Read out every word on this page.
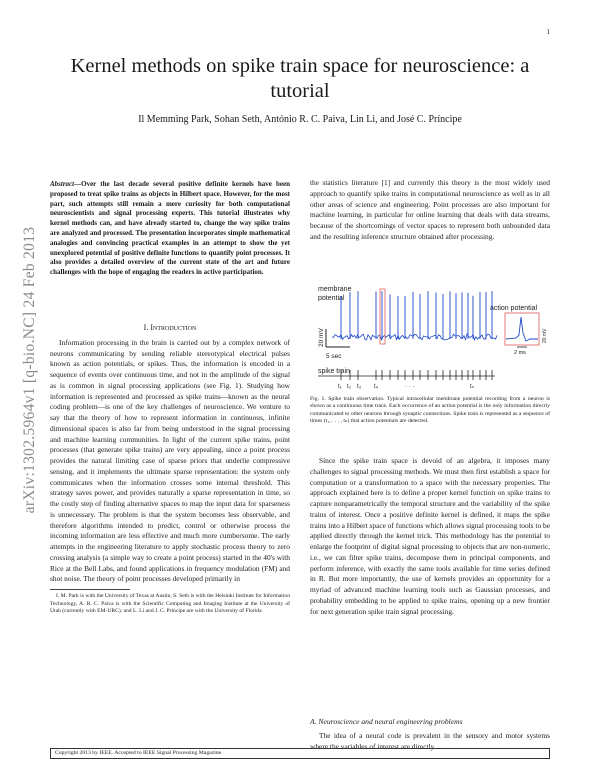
1
arXiv:1302.5964v1 [q-bio.NC] 24 Feb 2013
Kernel methods on spike train space for neuroscience: a tutorial
Il Memming Park, Sohan Seth, António R. C. Paiva, Lin Li, and José C. Príncipe
Abstract—Over the last decade several positive definite kernels have been proposed to treat spike trains as objects in Hilbert space. However, for the most part, such attempts still remain a mere curiosity for both computational neuroscientists and signal processing experts. This tutorial illustrates why kernel methods can, and have already started to, change the way spike trains are analyzed and processed. The presentation incorporates simple mathematical analogies and convincing practical examples in an attempt to show the yet unexplored potential of positive definite functions to quantify point processes. It also provides a detailed overview of the current state of the art and future challenges with the hope of engaging the readers in active participation.

I. Introduction

Information processing in the brain is carried out by a complex network of neurons communicating by sending reliable stereotypical electrical pulses known as action potentials, or spikes. Thus, the information is encoded in a sequence of events over continuous time, and not in the amplitude of the signal as is common in signal processing applications (see Fig. 1). Studying how information is represented and processed as spike trains—known as the neural coding problem—is one of the key challenges of neuroscience. We venture to say that the theory of how to represent information in continuous, infinite dimensional spaces is also far from being understood in the signal processing and machine learning communities. In light of the current spike trains, point processes (that generate spike trains) are very appealing, since a point process provides the natural limiting case of sparse priors that underlie compressive sensing, and it implements the ultimate sparse representation: the system only communicates when the information crosses some internal threshold. This strategy saves power, and provides naturally a sparse representation in time, so the costly step of finding alternative spaces to map the input data for sparseness is unnecessary. The problem is that the system becomes less observable, and therefore algorithms intended to predict, control or otherwise process the incoming information are less effective and much more cumbersome. The early attempts in the engineering literature to apply stochastic process theory to zero crossing analysis (a simple way to create a point process) started in the 40's with Rice at the Bell Labs, and found applications in frequency modulation (FM) and shot noise. The theory of point processes developed primarily in

I. M. Park is with the University of Texas at Austin, S. Seth is with the Helsinki Institute for Information Technology, A. R. C. Paiva is with the Scientific Computing and Imaging Institute at the University of Utah (currently with EM-URC), and L. Li and J. C. Príncipe are with the University of Florida

the statistics literature [1] and currently this theory is the most widely used approach to quantify spike trains in computational neuroscience as well as in all other areas of science and engineering. Point processes are also important for machine learning, in particular for online learning that deals with data streams, because of the shortcomings of vector spaces to represent both unbounded data and the resulting inference structure obtained after processing.

membrane
potential
action potential
20 mV
5 sec	2 ms
20 mV
spike train
t₁ t₂ t₃ t₄	· · ·	tₙ
Fig. 1. Spike train observation. Typical intracellular membrane potential recording from a neuron is shown as a continuous time trace. Each occurrence of an action potential is the only information directly communicated to other neurons through synaptic connections. Spike train is represented as a sequence of times (t₁, . . . , tₙ) that action potentials are detected.

Since the spike train space is devoid of an algebra, it imposes many challenges to signal processing methods. We must then first establish a space for computation or a transformation to a space with the necessary properties. The approach explained here is to define a proper kernel function on spike trains to capture nonparametrically the temporal structure and the variability of the spike trains of interest. Once a positive definite kernel is defined, it maps the spike trains into a Hilbert space of functions which allows signal processing tools to be applied directly through the kernel trick. This methodology has the potential to enlarge the footprint of digital signal processing to objects that are non-numeric, i.e., we can filter spike trains, decompose them in principal components, and perform inference, with exactly the same tools available for time series defined in R. But more importantly, the use of kernels provides an opportunity for a myriad of advanced machine learning tools such as Gaussian processes, and probability embedding to be applied to spike trains, opening up a new frontier for next generation spike train signal processing.

A. Neuroscience and neural engineering problems

The idea of a neural code is prevalent in the sensory and motor systems where the variables of interest are directly

Copyright 2013 by IEEE. Accepted to IEEE Signal Processing Magazine.
